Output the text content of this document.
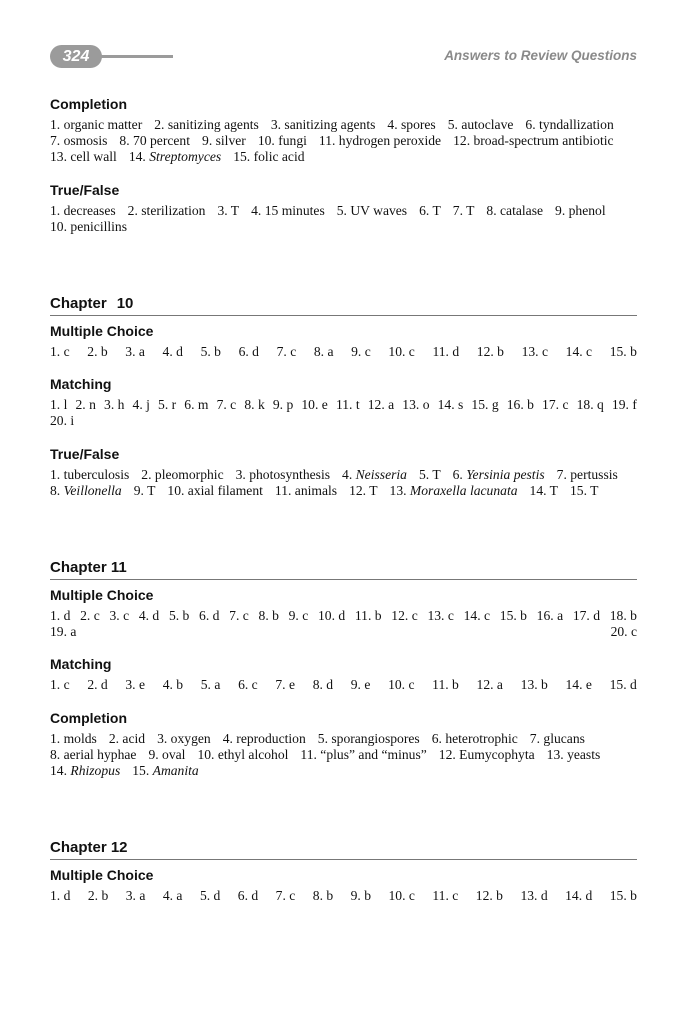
324	Answers to Review Questions
Completion
1. organic matter 2. sanitizing agents 3. sanitizing agents 4. spores 5. autoclave 6. tyndallization
7. osmosis 8. 70 percent 9. silver 10. fungi 11. hydrogen peroxide 12. broad-spectrum antibiotic
13. cell wall 14. Streptomyces 15. folic acid
True/False
1. decreases 2. sterilization 3. T 4. 15 minutes 5. UV waves 6. T 7. T 8. catalase 9. phenol
10. penicillins
Chapter 10
Multiple Choice
1. c 2. b 3. a 4. d 5. b 6. d 7. c 8. a 9. c 10. c 11. d 12. b 13. c 14. c 15. b
Matching
1. l 2. n 3. h 4. j 5. r 6. m 7. c 8. k 9. p 10. e 11. t 12. a 13. o 14. s 15. g 16. b 17. c 18. q 19. f
20. i
True/False
1. tuberculosis 2. pleomorphic 3. photosynthesis 4. Neisseria 5. T 6. Yersinia pestis 7. pertussis
8. Veillonella 9. T 10. axial filament 11. animals 12. T 13. Moraxella lacunata 14. T 15. T
Chapter 11
Multiple Choice
1. d 2. c 3. c 4. d 5. b 6. d 7. c 8. b 9. c 10. d 11. b 12. c 13. c 14. c 15. b 16. a 17. d 18. b
19. a	20. c
Matching
1. c 2. d 3. e 4. b 5. a 6. c 7. e 8. d 9. e 10. c 11. b 12. a 13. b 14. e 15. d
Completion
1. molds 2. acid 3. oxygen 4. reproduction 5. sporangiospores 6. heterotrophic 7. glucans
8. aerial hyphae 9. oval 10. ethyl alcohol 11. “plus” and “minus” 12. Eumycophyta 13. yeasts
14. Rhizopus 15. Amanita
Chapter 12
Multiple Choice
1. d 2. b 3. a 4. a 5. d 6. d 7. c 8. b 9. b 10. c 11. c 12. b 13. d 14. d 15. b
